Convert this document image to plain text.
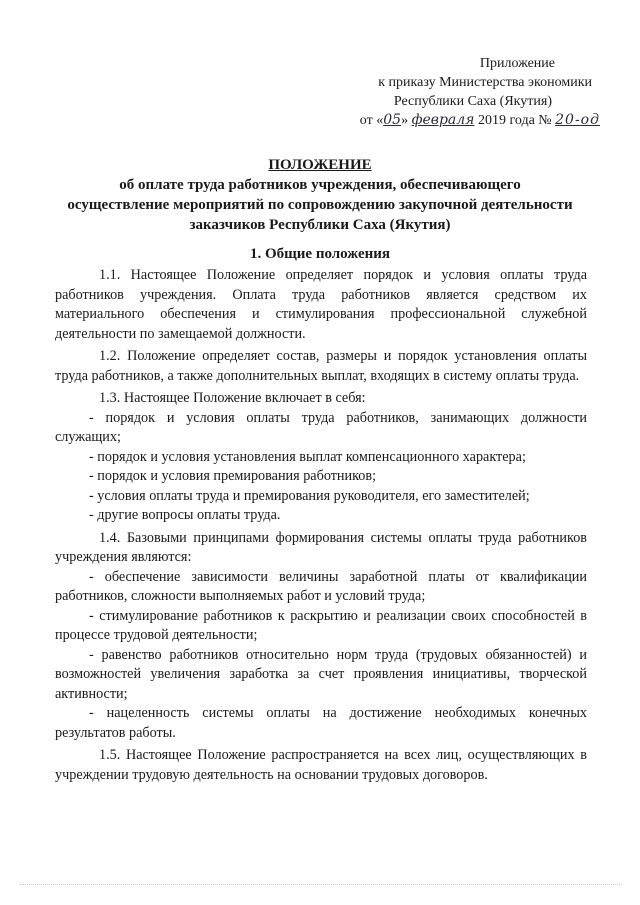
Приложение
к приказу Министерства экономики
Республики Саха (Якутия)
от «05» февраля 2019 года № 20-од
ПОЛОЖЕНИЕ
об оплате труда работников учреждения, обеспечивающего
осуществление мероприятий по сопровождению закупочной деятельности
заказчиков Республики Саха (Якутия)
1. Общие положения

1.1. Настоящее Положение определяет порядок и условия оплаты труда работников учреждения. Оплата труда работников является средством их материального обеспечения и стимулирования профессиональной служебной деятельности по замещаемой должности.

1.2. Положение определяет состав, размеры и порядок установления оплаты труда работников, а также дополнительных выплат, входящих в систему оплаты труда.

1.3. Настоящее Положение включает в себя:

- порядок и условия оплаты труда работников, занимающих должности служащих;

- порядок и условия установления выплат компенсационного характера;

- порядок и условия премирования работников;

- условия оплаты труда и премирования руководителя, его заместителей;

- другие вопросы оплаты труда.

1.4. Базовыми принципами формирования системы оплаты труда работников учреждения являются:

- обеспечение зависимости величины заработной платы от квалификации работников, сложности выполняемых работ и условий труда;

- стимулирование работников к раскрытию и реализации своих способностей в процессе трудовой деятельности;

- равенство работников относительно норм труда (трудовых обязанностей) и возможностей увеличения заработка за счет проявления инициативы, творческой активности;

- нацеленность системы оплаты на достижение необходимых конечных результатов работы.

1.5. Настоящее Положение распространяется на всех лиц, осуществляющих в учреждении трудовую деятельность на основании трудовых договоров.
